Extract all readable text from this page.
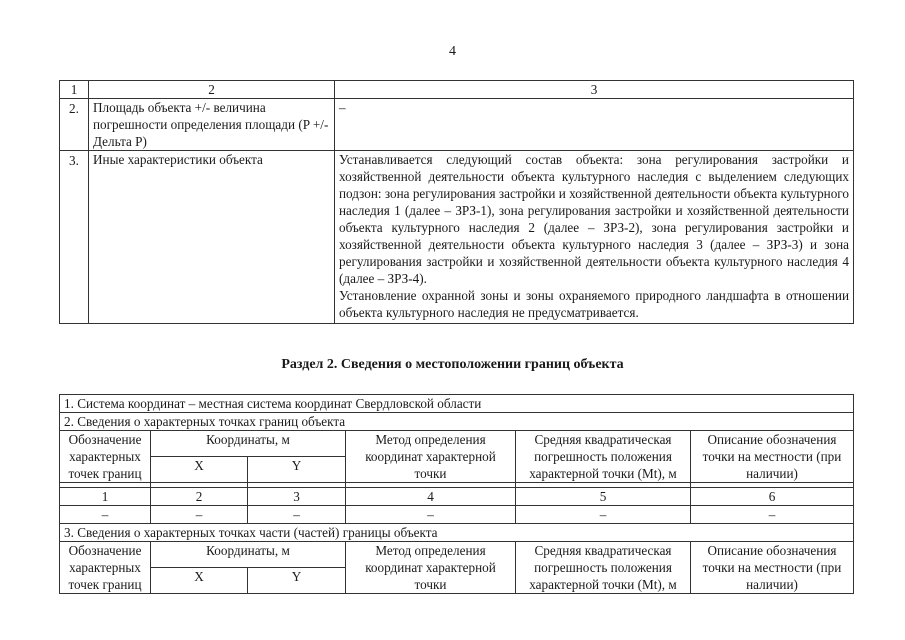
4
1	2	3
2.	Площадь объекта +/- величина погрешности определения площади (P +/- Дельта P)	–

3.	Иные характеристики объекта	Устанавливается следующий состав объекта: зона регулирования застройки и хозяйственной деятельности объекта культурного наследия с выделением следующих подзон: зона регулирования застройки и хозяйственной деятельности объекта культурного наследия 1 (далее – ЗРЗ-1), зона регулирования застройки и хозяйственной деятельности объекта культурного наследия 2 (далее – ЗРЗ-2), зона регулирования застройки и хозяйственной деятельности объекта культурного наследия 3 (далее – ЗРЗ-3) и зона регулирования застройки и хозяйственной деятельности объекта культурного наследия 4 (далее – ЗРЗ-4).

Установление охранной зоны и зоны охраняемого природного ландшафта в отношении объекта культурного наследия не предусматривается.

Раздел 2. Сведения о местоположении границ объекта
1. Система координат – местная система координат Свердловской области					
2. Сведения о характерных точках границ объекта					
Обозначение характерных точек границ	Координаты, м		Метод определения координат характерной точки	Средняя квадратическая погрешность положения характерной точки (Mt), м	Описание обозначения точки на местности (при наличии)
	X	Y			

1	2	3	4	5	6
–	–	–	–	–	–
3. Сведения о характерных точках части (частей) границы объекта					
Обозначение характерных точек границ	Координаты, м		Метод определения координат характерной точки	Средняя квадратическая погрешность положения характерной точки (Mt), м	Описание обозначения точки на местности (при наличии)
	X	Y			
